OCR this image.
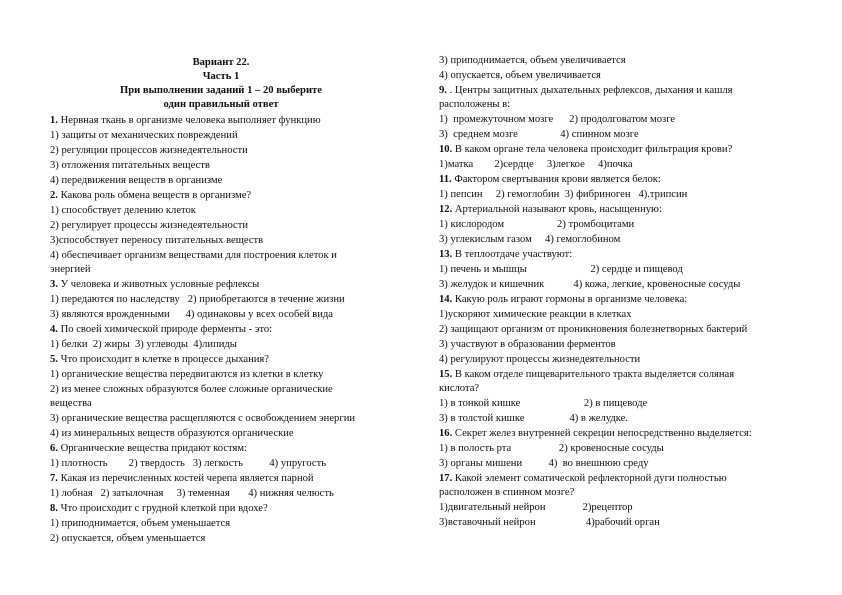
Вариант 22.
Часть 1
При выполнении заданий 1 – 20 выберите
один правильный ответ
1. Нервная ткань в организме человека выполняет функцию
1) защиты от механических повреждений
2) регуляции процессов жизнедеятельности
3) отложения питательных веществ
4) передвижения веществ в организме
2. Какова роль обмена веществ в организме?
1) способствует делению клеток
2) регулирует процессы жизнедеятельности
3)способствует переносу питательных веществ
4) обеспечивает организм веществами для построения клеток и
энергией
3. У человека и животных условные рефлексы
1) передаются по наследству   2) приобретаются в течение жизни
3) являются врожденными      4) одинаковы у всех особей вида
4. По своей химической природе ферменты - это:
1) белки  2) жиры  3) углеводы  4)липиды
5. Что происходит в клетке в процессе дыхания?
1) органические вещества передвигаются из клетки в клетку
2) из менее сложных образуются более сложные органические
вещества
3) органические вещества расщепляются с освобождением энергии
4) из минеральных веществ образуются органические
6. Органические вещества придают костям:
1) плотность        2) твердость   3) легкость          4) упругость
7. Какая из перечисленных костей черепа является парной
1) лобная   2) затылочная     3) теменная       4) нижняя челюсть
8. Что происходит с грудной клеткой при вдохе?
1) приподнимается, объем уменьшается
2) опускается, объем уменьшается
3) приподнимается, объем увеличивается
4) опускается, объем увеличивается
9. . Центры защитных дыхательных рефлексов, дыхания и кашля
расположены в:
1)  промежуточном мозге      2) продолговатом мозге
3)  среднем мозге                4) спинном мозге
10. В каком органе тела человека происходит фильтрация крови?
1)матка        2)сердце     3)легкое     4)почка
11. Фактором свертывания крови является белок:
1) пепсин     2) гемоглобин  3) фибриноген   4).трипсин
12. Артериальной называют кровь, насыщенную:
1) кислородом                    2) тромбоцитами
3) углекислым газом     4) гемоглобином
13. В теплоотдаче участвуют:
1) печень и мышцы                        2) сердце и пищевод
3) желудок и кишечник           4) кожа, легкие, кровеносные сосуды
14. Какую роль играют гормоны в организме человека:
1)ускоряют химические реакции в клетках
2) защищают организм от проникновения болезнетворных бактерий
3) участвуют в образовании ферментов
4) регулируют процессы жизнедеятельности
15. В каком отделе пищеварительного тракта выделяется соляная
кислота?
1) в тонкой кишке                        2) в пищеводе
3) в толстой кишке                 4) в желудке.
16. Секрет желез внутренней секреции непосредственно выделяется:
1) в полость рта                  2) кровеносные сосуды
3) органы мишени          4)  во внешнюю среду
17. Какой элемент соматической рефлекторной дуги полностью
расположен в спинном мозге?
1)двигательный нейрон              2)рецептор
3)вставочный нейрон                   4)рабочий орган
